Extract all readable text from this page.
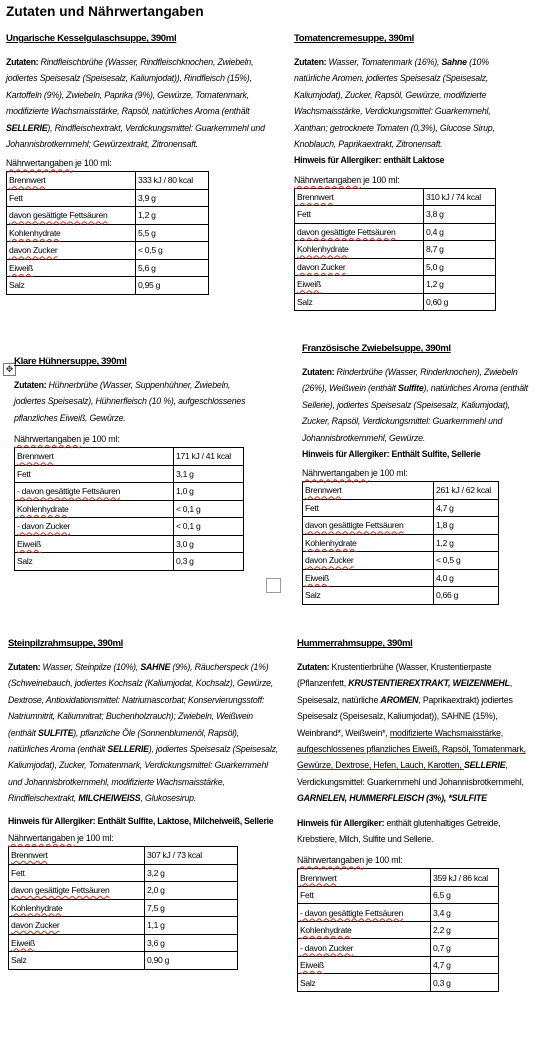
Zutaten und Nährwertangaben
Ungarische Kesselgulaschsuppe, 390ml
Zutaten: Rindfleischbrühe (Wasser, Rindfleischknochen, Zwiebeln, jodiertes Speisesalz (Speisesalz, Kaliumjodat)), Rindfleisch (15%), Kartoffeln (9%), Zwiebeln, Paprika (9%), Gewürze, Tomatenmark, modifizierte Wachsmaisstärke, Rapsöl, natürliches Aroma (enthält SELLERIE), Rindfleischextrakt, Verdickungsmittel: Guarkernmehl und Johannisbrotkernmehl; Gewürzextrakt, Zitronensaft.
Nährwertangaben je 100 ml:
Brennwert	333 kJ / 80 kcal
Fett	3,9 g
davon gesättigte Fettsäuren	1,2 g
Kohlenhydrate	5,5 g
davon Zucker	< 0,5 g
Eiweiß	5,6 g
Salz	0,95 g
Tomatencremesuppe, 390ml
Zutaten: Wasser, Tomatenmark (16%), Sahne (10% natürliche Aromen, jodiertes Speisesalz (Speisesalz, Kaliumjodat), Zucker, Rapsöl, Gewürze, modifizierte Wachsmaisstärke, Verdickungsmittel: Guarkernmehl, Xanthan; getrocknete Tomaten (0,3%), Glucose Sirup, Knoblauch, Paprikaextrakt, Zitronensaft.
Hinweis für Allergiker: enthält Laktose
Nährwertangaben je 100 ml:
Brennwert	310 kJ / 74 kcal
Fett	3,8 g
davon gesättigte Fettsäuren	0,4 g
Kohlenhydrate	8,7 g
davon Zucker	5,0 g
Eiweiß	1,2 g
Salz	0,60 g
✥
Klare Hühnersuppe, 390ml
Zutaten: Hühnerbrühe (Wasser, Suppenhühner, Zwiebeln, jodiertes Speisesalz), Hühnerfleisch (10 %), aufgeschlossenes pflanzliches Eiweiß, Gewürze.
Nährwertangaben je 100 ml:
Brennwert	171 kJ / 41 kcal
Fett	3,1 g
- davon gesättigte Fettsäuren	1,0 g
Kohlenhydrate	< 0,1 g
- davon Zucker	< 0,1 g
Eiweiß	3,0 g
Salz	0,3 g
Französische Zwiebelsuppe, 390ml
Zutaten: Rinderbrühe (Wasser, Rinderknochen), Zwiebeln (26%), Weißwein (enthält Sulfite), natürliches Aroma (enthält Sellerie), jodiertes Speisesalz (Speisesalz, Kaliumjodat), Zucker, Rapsöl, Verdickungsmittel: Guarkernmehl und Johannisbrotkernmehl, Gewürze.
Hinweis für Allergiker: Enthält Sulfite, Sellerie
Nährwertangaben je 100 ml:
Brennwert	261 kJ / 62 kcal
Fett	4,7 g
davon gesättigte Fettsäuren	1,8 g
Kohlenhydrate	1,2 g
davon Zucker	< 0,5 g
Eiweiß	4,0 g
Salz	0,66 g
Steinpilzrahmsuppe, 390ml
Zutaten: Wasser, Steinpilze (10%), SAHNE (9%), Räucherspeck (1%) (Schweinebauch, jodiertes Kochsalz (Kaliumjodat, Kochsalz), Gewürze, Dextrose, Antioxidationsmittel: Natriumascorbat; Konservierungsstoff: Natriumnitrit, Kaliumnitrat; Buchenholzrauch); Zwiebeln, Weißwein (enthält SULFITE), pflanzliche Öle (Sonnenblumenöl, Rapsöl), natürliches Aroma (enthält SELLERIE), jodiertes Speisesalz (Speisesalz, Kaliumjodat), Zucker, Tomatenmark, Verdickungsmittel: Guarkernmehl und Johannisbrotkernmehl, modifizierte Wachsmaisstärke, Rindfleischextrakt, MILCHEIWEISS, Glukosesirup.
Hinweis für Allergiker: Enthält Sulfite, Laktose, Milcheiweiß, Sellerie
Nährwertangaben je 100 ml:
Brennwert	307 kJ / 73 kcal
Fett	3,2 g
davon gesättigte Fettsäuren	2,0 g
Kohlenhydrate	7,5 g
davon Zucker	1,1 g
Eiweiß	3,6 g
Salz	0,90 g
Hummerrahmsuppe, 390ml
Zutaten: Krustentierbrühe (Wasser, Krustentierpaste (Pflanzenfett, KRUSTENTIEREXTRAKT, WEIZENMEHL, Speisesalz, natürliche AROMEN, Paprikaextrakt) jodiertes Speisesalz (Speisesalz, Kaliumjodat)), SAHNE (15%), Weinbrand*, Weißwein*, modifizierte Wachsmaisstärke, aufgeschlossenes pflanzliches Eiweiß, Rapsöl, Tomatenmark, Gewürze, Dextrose, Hefen, Lauch, Karotten, SELLERIE, Verdickungsmittel: Guarkernmehl und Johannisbrotkernmehl, GARNELEN, HUMMERFLEISCH (3%), *SULFITE
Hinweis für Allergiker: enthält glutenhaltiges Getreide, Krebstiere, Milch, Sulfite und Sellerie.
Nährwertangaben je 100 ml:
Brennwert	359 kJ / 86 kcal
Fett	6,5 g
- davon gesättigte Fettsäuren	3,4 g
Kohlenhydrate	2,2 g
- davon Zucker	0,7 g
Eiweiß	4,7 g
Salz	0,3 g
